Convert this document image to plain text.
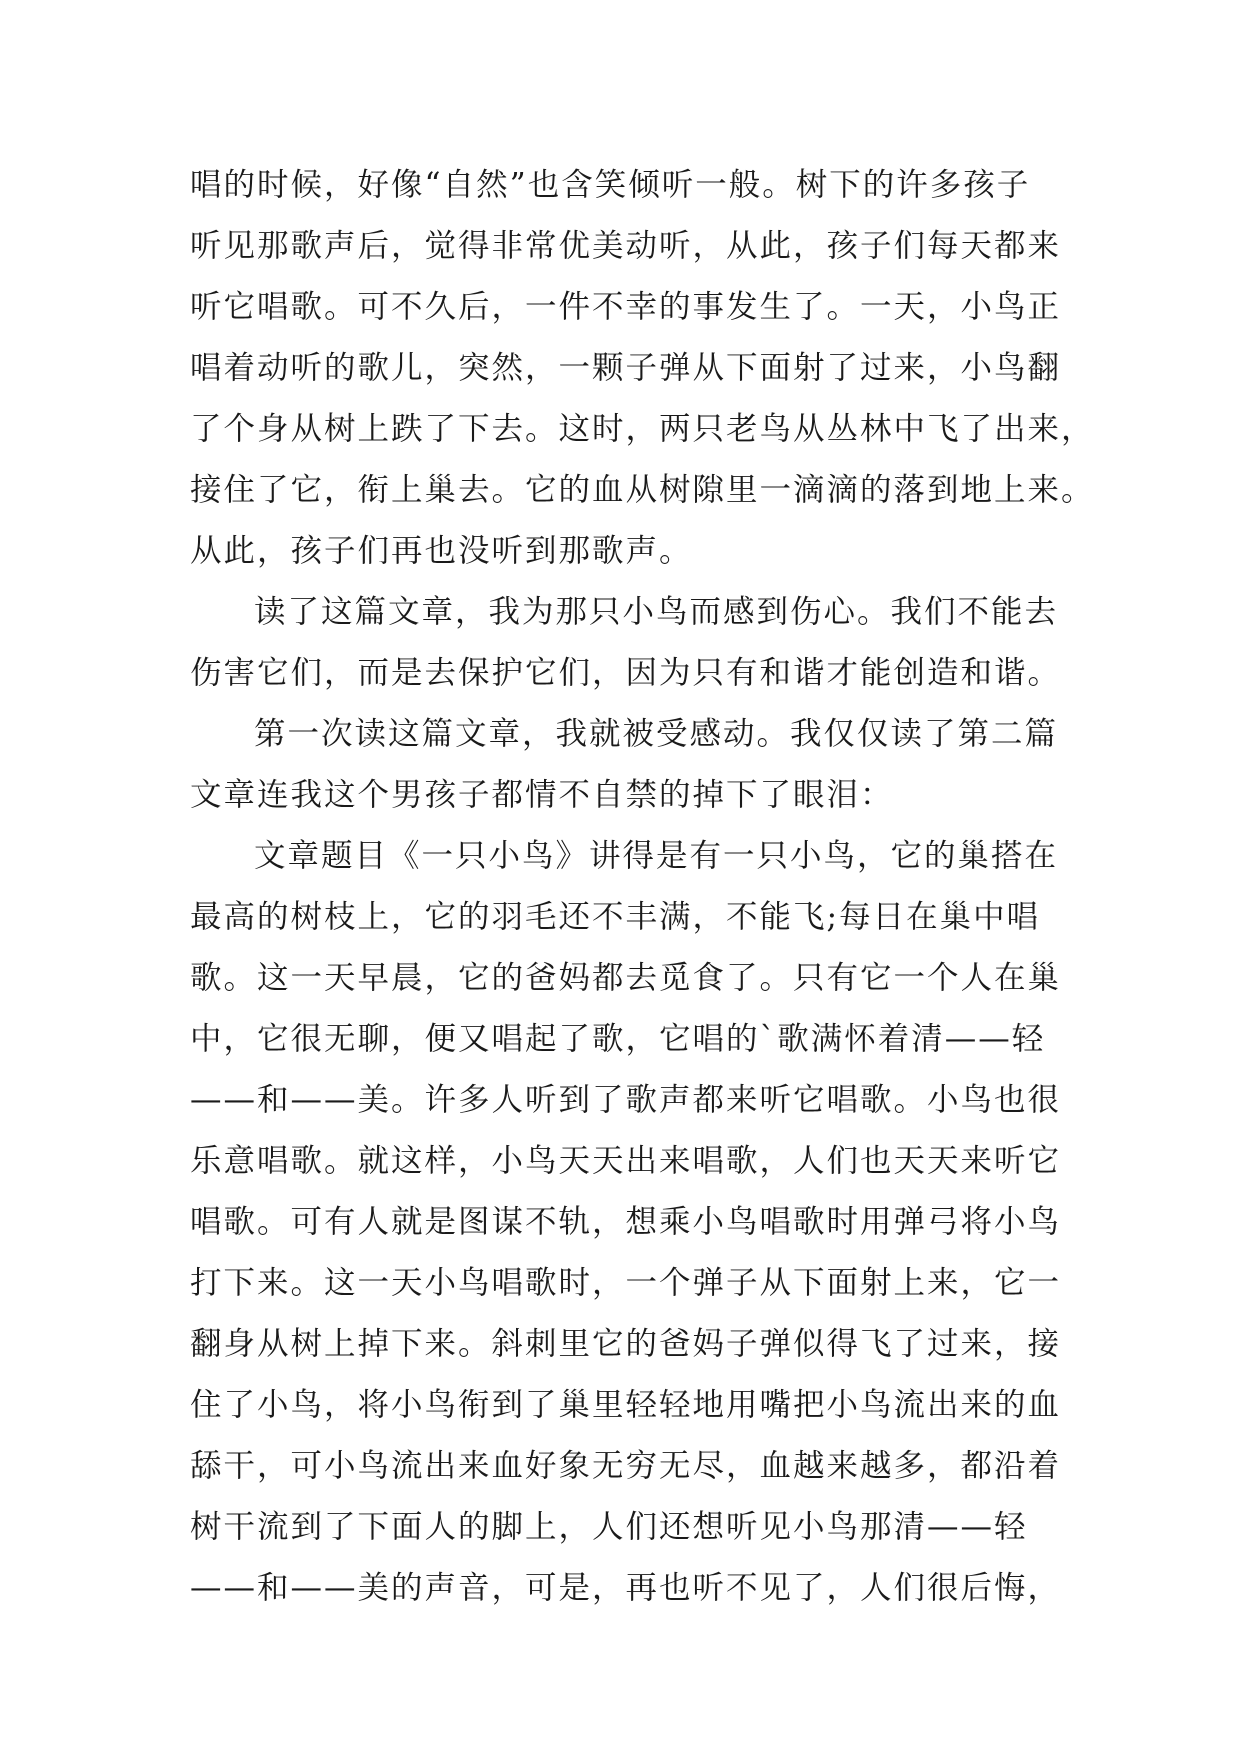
唱的时候，好像“自然”也含笑倾听一般。树下的许多孩子
听见那歌声后，觉得非常优美动听，从此，孩子们每天都来
听它唱歌。可不久后，一件不幸的事发生了。一天，小鸟正
唱着动听的歌儿，突然，一颗子弹从下面射了过来，小鸟翻
了个身从树上跌了下去。这时，两只老鸟从丛林中飞了出来，
接住了它，衔上巢去。它的血从树隙里一滴滴的落到地上来。
从此，孩子们再也没听到那歌声。
读了这篇文章，我为那只小鸟而感到伤心。我们不能去
伤害它们，而是去保护它们，因为只有和谐才能创造和谐。
第一次读这篇文章，我就被受感动。我仅仅读了第二篇
文章连我这个男孩子都情不自禁的掉下了眼泪：
文章题目《一只小鸟》讲得是有一只小鸟，它的巢搭在
最高的树枝上，它的羽毛还不丰满，不能飞;每日在巢中唱
歌。这一天早晨，它的爸妈都去觅食了。只有它一个人在巢
中，它很无聊，便又唱起了歌，它唱的`歌满怀着清——轻
——和——美。许多人听到了歌声都来听它唱歌。小鸟也很
乐意唱歌。就这样，小鸟天天出来唱歌，人们也天天来听它
唱歌。可有人就是图谋不轨，想乘小鸟唱歌时用弹弓将小鸟
打下来。这一天小鸟唱歌时，一个弹子从下面射上来，它一
翻身从树上掉下来。斜刺里它的爸妈子弹似得飞了过来，接
住了小鸟，将小鸟衔到了巢里轻轻地用嘴把小鸟流出来的血
舔干，可小鸟流出来血好象无穷无尽，血越来越多，都沿着
树干流到了下面人的脚上，人们还想听见小鸟那清——轻
——和——美的声音，可是，再也听不见了，人们很后悔，
